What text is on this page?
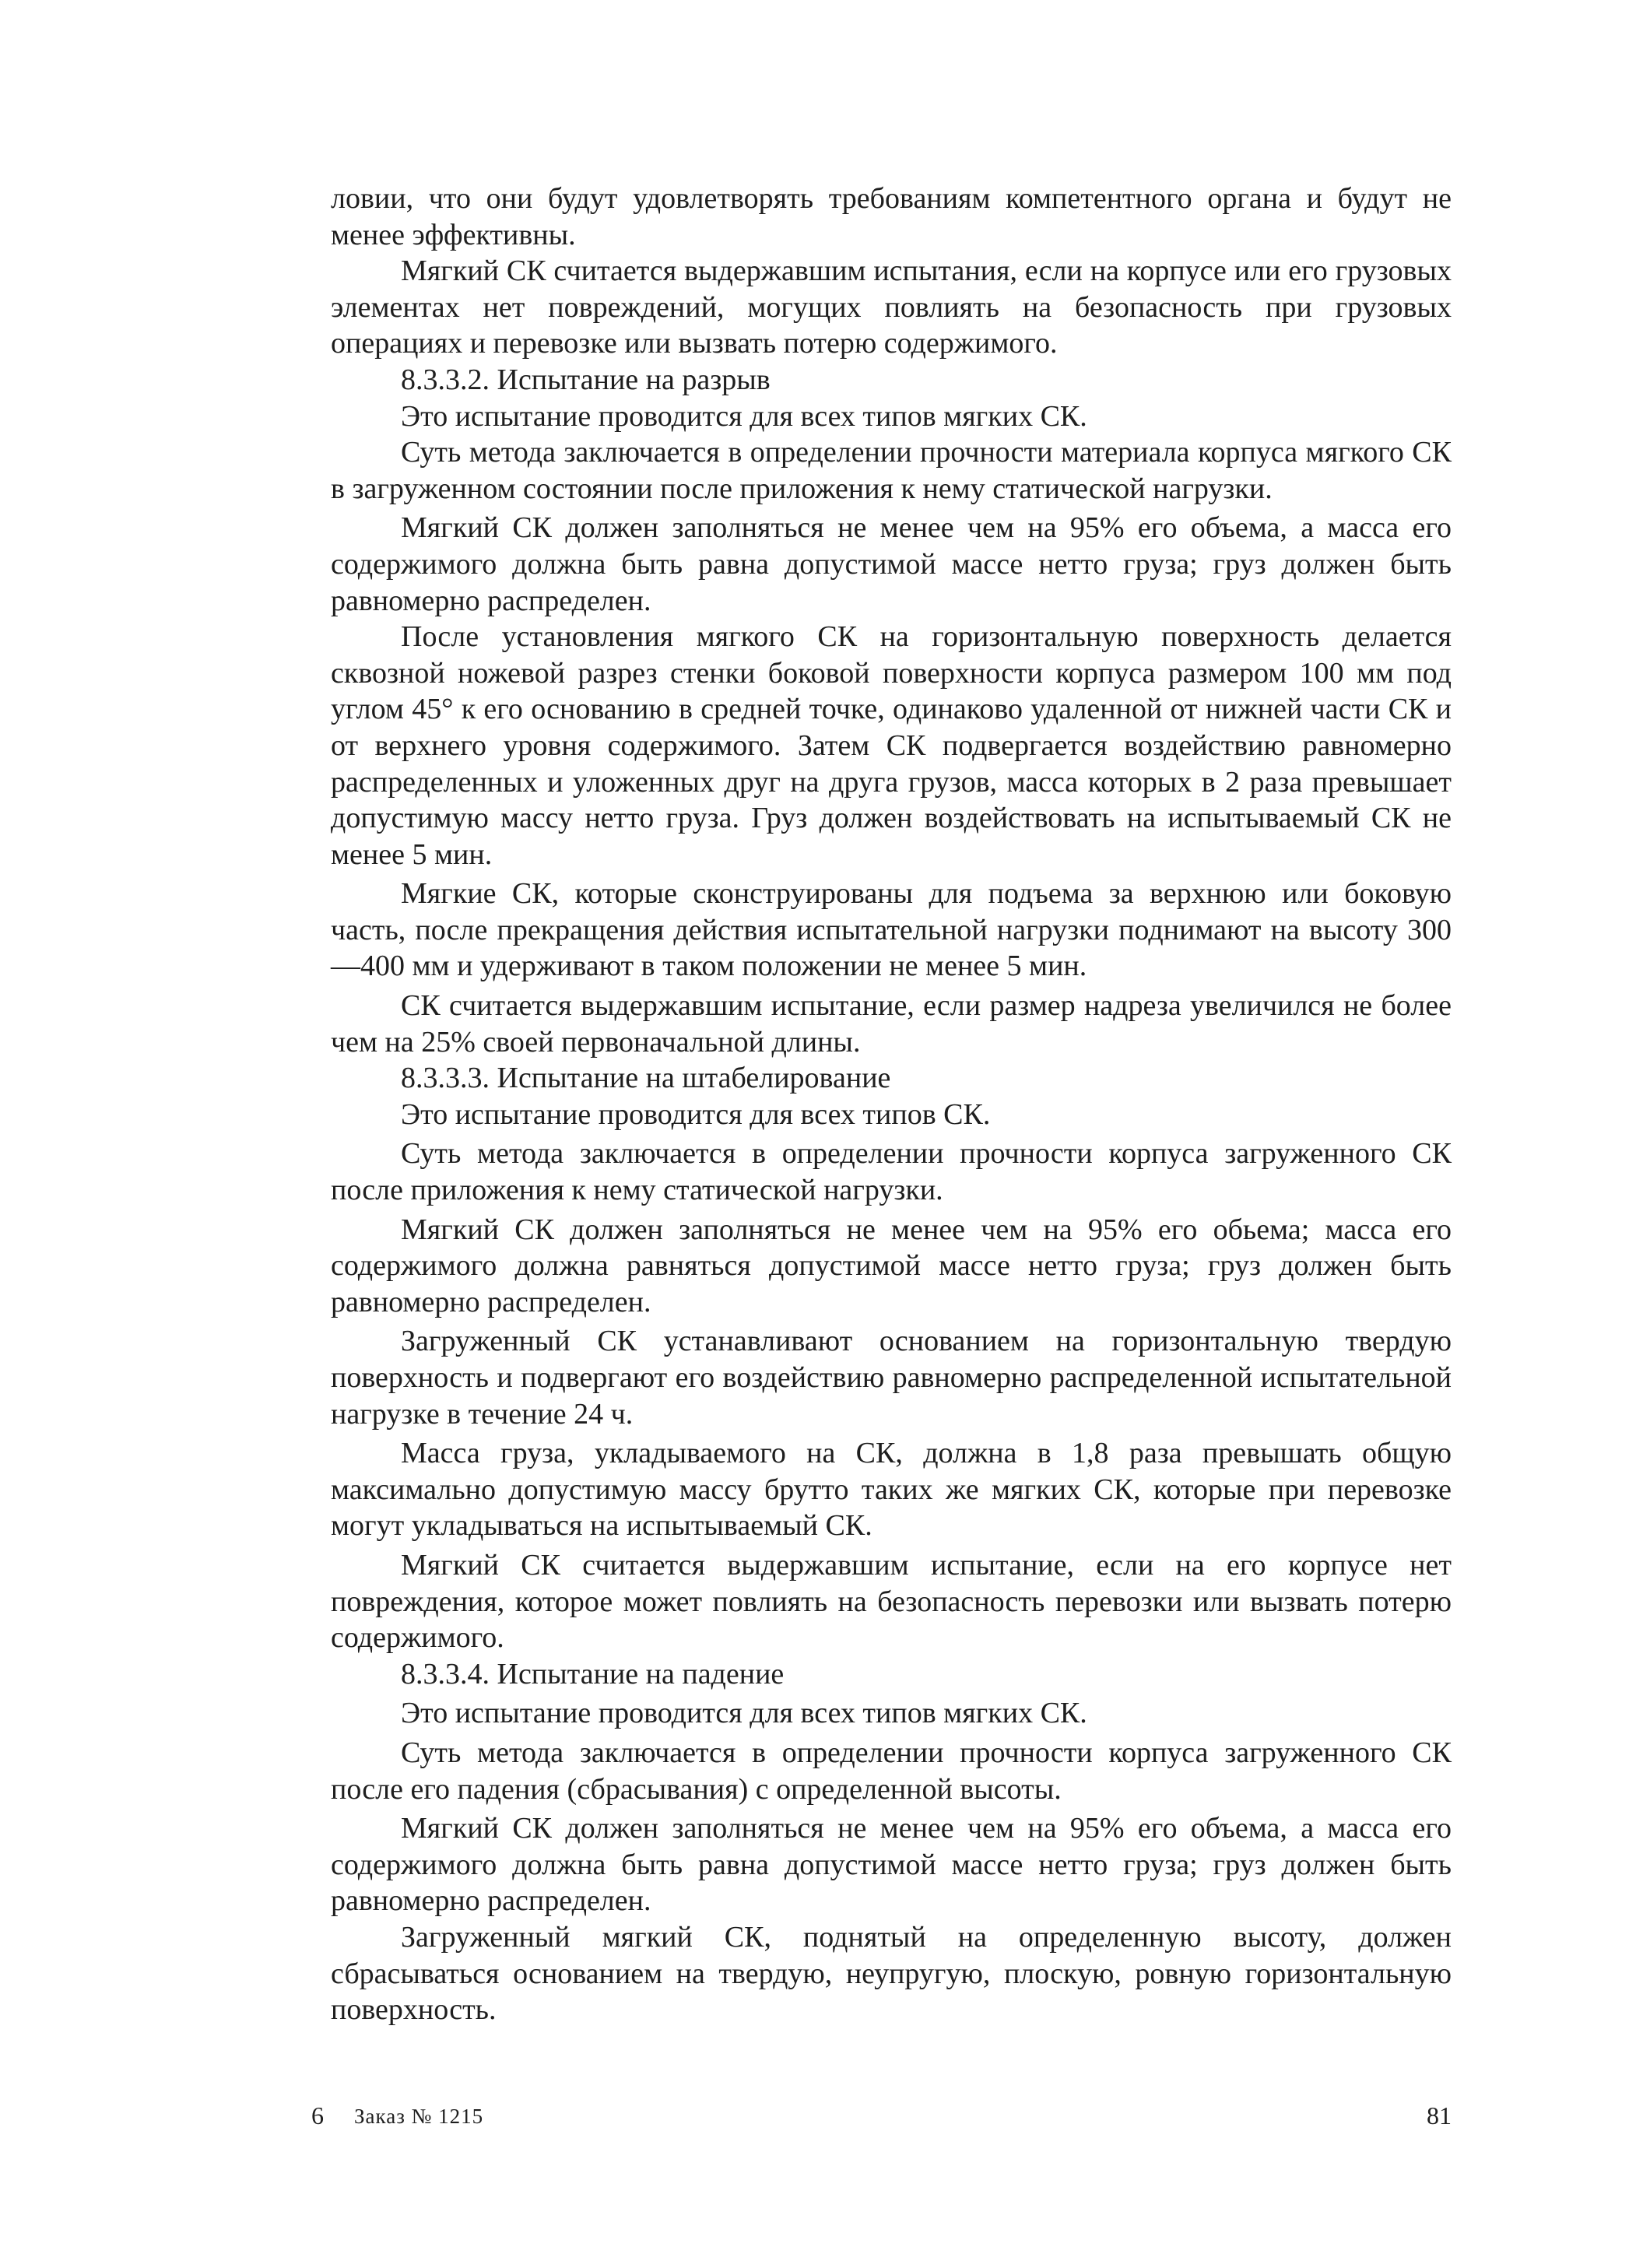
ловии, что они будут удовлетворять требованиям компетентного органа и будут не менее эффективны.

Мягкий СК считается выдержавшим испытания, если на корпусе или его грузовых элементах нет повреждений, могущих повлиять на безопасность при грузовых операциях и перевозке или вызвать потерю содержимого.

8.3.3.2. Испытание на разрыв

Это испытание проводится для всех типов мягких СК.

Суть метода заключается в определении прочности материала корпуса мягкого СК в загруженном состоянии после приложения к нему статической нагрузки.

Мягкий СК должен заполняться не менее чем на 95% его объема, а масса его содержимого должна быть равна допустимой массе нетто груза; груз должен быть равномерно распределен.

После установления мягкого СК на горизонтальную поверхность делается сквозной ножевой разрез стенки боковой поверхности корпуса размером 100 мм под углом 45° к его основанию в средней точке, одинаково удаленной от нижней части СК и от верхнего уровня содержимого. Затем СК подвергается воздействию равномерно распределенных и уложенных друг на друга грузов, масса которых в 2 раза превышает допустимую массу нетто груза. Груз должен воздействовать на испытываемый СК не менее 5 мин.

Мягкие СК, которые сконструированы для подъема за верхнюю или боковую часть, после прекращения действия испытательной нагрузки поднимают на высоту 300—400 мм и удерживают в таком положении не менее 5 мин.

СК считается выдержавшим испытание, если размер надреза увеличился не более чем на 25% своей первоначальной длины.

8.3.3.3. Испытание на штабелирование

Это испытание проводится для всех типов СК.

Суть метода заключается в определении прочности корпуса загруженного СК после приложения к нему статической нагрузки.

Мягкий СК должен заполняться не менее чем на 95% его обьема; масса его содержимого должна равняться допустимой массе нетто груза; груз должен быть равномерно распределен.

Загруженный СК устанавливают основанием на горизонтальную твердую поверхность и подвергают его воздействию равномерно распределенной испытательной нагрузке в течение 24 ч.

Масса груза, укладываемого на СК, должна в 1,8 раза превышать общую максимально допустимую массу брутто таких же мягких СК, которые при перевозке могут укладываться на испытываемый СК.

Мягкий СК считается выдержавшим испытание, если на его корпусе нет повреждения, которое может повлиять на безопасность перевозки или вызвать потерю содержимого.

8.3.3.4. Испытание на падение

Это испытание проводится для всех типов мягких СК.

Суть метода заключается в определении прочности корпуса загруженного СК после его падения (сбрасывания) с определенной высоты.

Мягкий СК должен заполняться не менее чем на 95% его объема, а масса его содержимого должна быть равна допустимой массе нетто груза; груз должен быть равномерно распределен.

Загруженный мягкий СК, поднятый на определенную высоту, должен сбрасываться основанием на твердую, неупругую, плоскую, ровную горизонтальную поверхность.

6 Заказ № 1215	81
